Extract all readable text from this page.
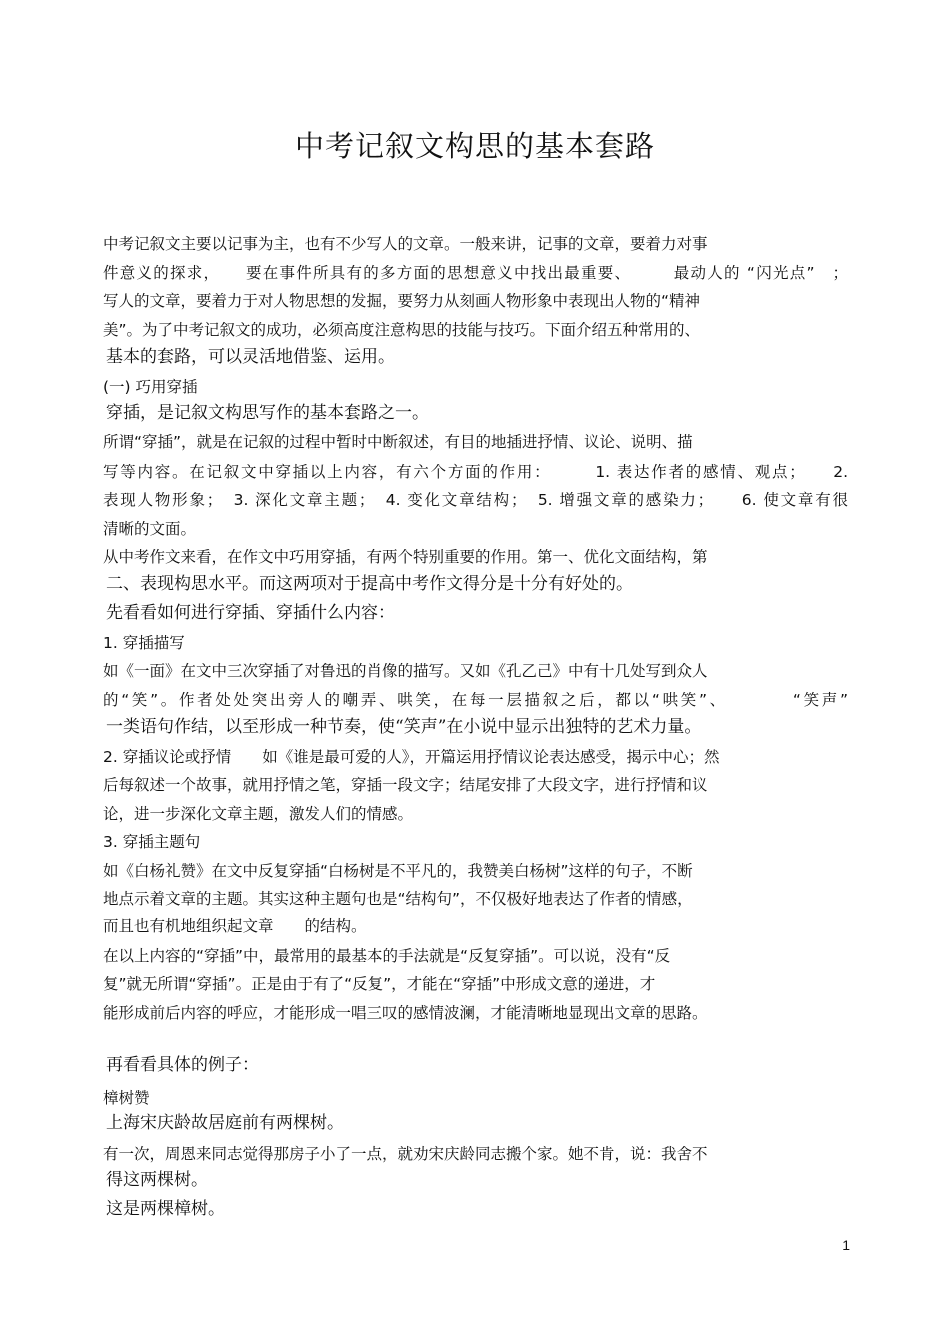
中考记叙文构思的基本套路
中考记叙文主要以记事为主，也有不少写人的文章。一般来讲，记事的文章，要着力对事
件意义的探求，　　要在事件所具有的多方面的思想意义中找出最重要、　　　最动人的 “闪光点”　；
写人的文章，要着力于对人物思想的发掘，要努力从刻画人物形象中表现出人物的“精神
美”。为了中考记叙文的成功，必须高度注意构思的技能与技巧。下面介绍五种常用的、
基本的套路，可以灵活地借鉴、运用。
(一) 巧用穿插
穿插，是记叙文构思写作的基本套路之一。
所谓“穿插”，就是在记叙的过程中暂时中断叙述，有目的地插进抒情、议论、说明、描
写等内容。在记叙文中穿插以上内容，有六个方面的作用：　　　1. 表达作者的感情、观点；　　2.
表现人物形象；　3. 深化文章主题；　4. 变化文章结构；　5. 增强文章的感染力；　　6. 使文章有很
清晰的文面。
从中考作文来看，在作文中巧用穿插，有两个特别重要的作用。第一、优化文面结构，第
二、表现构思水平。而这两项对于提高中考作文得分是十分有好处的。
先看看如何进行穿插、穿插什么内容：
1. 穿插描写
如《一面》在文中三次穿插了对鲁迅的肖像的描写。又如《孔乙己》中有十几处写到众人
的“笑”。作者处处突出旁人的嘲弄、哄笑，在每一层描叙之后，都以“哄笑”、　　　　“笑声”
一类语句作结，以至形成一种节奏，使“笑声”在小说中显示出独特的艺术力量。
2. 穿插议论或抒情　　如《谁是最可爱的人》，开篇运用抒情议论表达感受，揭示中心；然
后每叙述一个故事，就用抒情之笔，穿插一段文字；结尾安排了大段文字，进行抒情和议
论，进一步深化文章主题，激发人们的情感。
3. 穿插主题句
如《白杨礼赞》在文中反复穿插“白杨树是不平凡的，我赞美白杨树”这样的句子，不断
地点示着文章的主题。其实这种主题句也是“结构句”，不仅极好地表达了作者的情感，
而且也有机地组织起文章　　的结构。
在以上内容的“穿插”中，最常用的最基本的手法就是“反复穿插”。可以说，没有“反
复”就无所谓“穿插”。正是由于有了“反复”，才能在“穿插”中形成文意的递进，才
能形成前后内容的呼应，才能形成一唱三叹的感情波澜，才能清晰地显现出文章的思路。
再看看具体的例子：
樟树赞
上海宋庆龄故居庭前有两棵树。
有一次，周恩来同志觉得那房子小了一点，就劝宋庆龄同志搬个家。她不肯，说：我舍不
得这两棵树。
这是两棵樟树。
1
